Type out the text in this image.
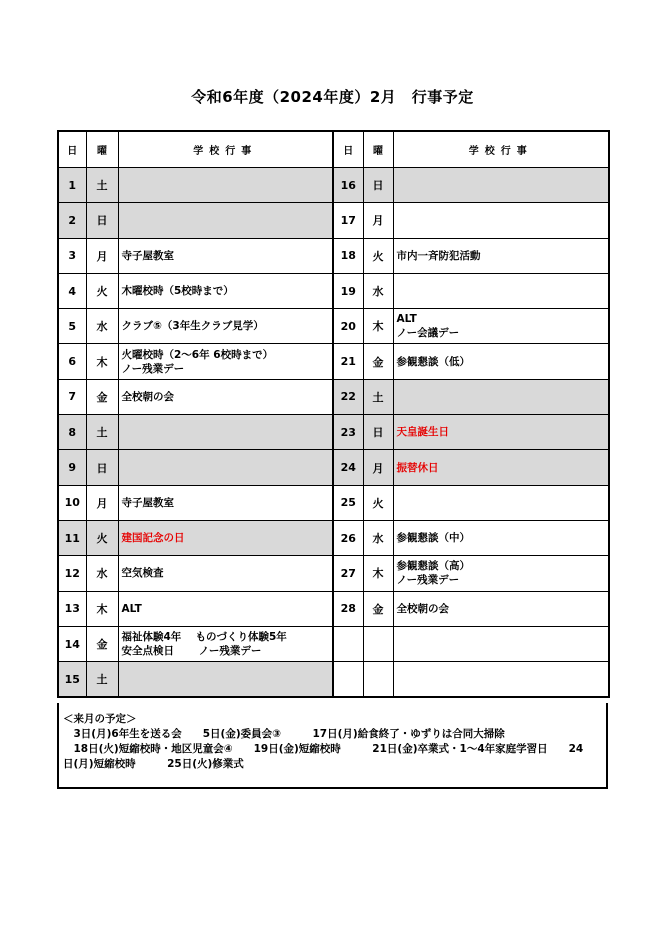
令和6年度（2024年度）2月　行事予定
日	曜	学校行事	日	曜	学校行事
1	土		16	日	
2	日		17	月	
3	月	寺子屋教室	18	火	市内一斉防犯活動

4	火	木曜校時（5校時まで）	19	水	
5	水	クラブ⑤（3年生クラブ見学）	20	木	ALT
ノー会議デー

6	木	火曜校時（2～6年 6校時まで）
ノー残業デー	21	金	参観懇談（低）

7	金	全校朝の会	22	土	
8	土		23	日	天皇誕生日

9	日		24	月	振替休日

10	月	寺子屋教室	25	火	
11	火	建国記念の日	26	水	参観懇談（中）

12	水	空気検査	27	木	参観懇談（高）
ノー残業デー

13	木	ALT	28	金	全校朝の会

14	金	福祉体験4年　 ものづくり体験5年
安全点検日　　 ノー残業デー			

15	土				
＜来月の予定＞
　3日(月)6年生を送る会　　5日(金)委員会③　　　17日(月)給食終了・ゆずりは合同大掃除
　18日(火)短縮校時・地区児童会④　　19日(金)短縮校時　　　21日(金)卒業式・1～4年家庭学習日　　24
日(月)短縮校時　　　25日(火)修業式
